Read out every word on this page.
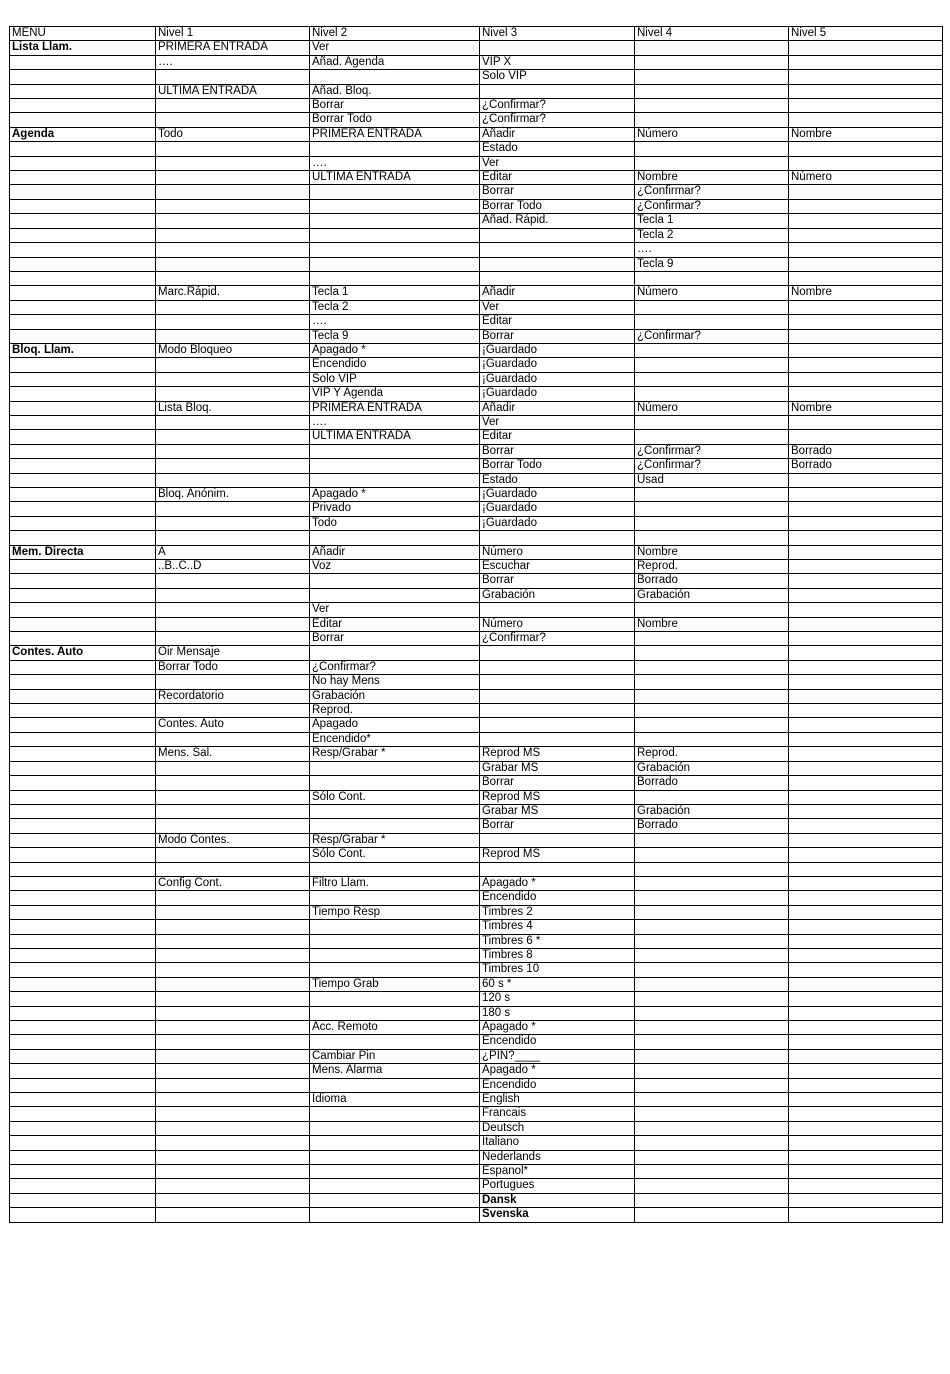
MENU	Nivel 1	Nivel 2	Nivel 3	Nivel 4	Nivel 5
Lista Llam.	PRIMERA ENTRADA	Ver			
	….	Añad. Agenda	VIP X		
			Solo VIP		
	ÚLTIMA ENTRADA	Añad. Bloq.			
		Borrar	¿Confirmar?		
		Borrar Todo	¿Confirmar?		
Agenda	Todo	PRIMERA ENTRADA	Añadir	Número	Nombre
			Estado		
		….	Ver		
		ÚLTIMA ENTRADA	Editar	Nombre	Número
			Borrar	¿Confirmar?	
			Borrar Todo	¿Confirmar?	
			Añad. Rápid.	Tecla 1	
				Tecla 2	
				….	
				Tecla 9	

	Marc.Rápid.	Tecla 1	Añadir	Número	Nombre
		Tecla 2	Ver		
		….	Editar		
		Tecla 9	Borrar	¿Confirmar?	
Bloq. Llam.	Modo Bloqueo	Apagado *	¡Guardado		
		Encendido	¡Guardado		
		Solo VIP	¡Guardado		
		VIP Y Agenda	¡Guardado		
	Lista Bloq.	PRIMERA ENTRADA	Añadir	Número	Nombre
		….	Ver		
		ÚLTIMA ENTRADA	Editar		
			Borrar	¿Confirmar?	Borrado
			Borrar Todo	¿Confirmar?	Borrado
			Estado	Usad	
	Bloq. Anónim.	Apagado *	¡Guardado		
		Privado	¡Guardado		
		Todo	¡Guardado		

Mem. Directa	A	Añadir	Número	Nombre	
	..B..C..D	Voz	Escuchar	Reprod.	
			Borrar	Borrado	
			Grabación	Grabación	
		Ver			
		Editar	Número	Nombre	
		Borrar	¿Confirmar?		
Contes. Auto	Oir Mensaje				
	Borrar Todo	¿Confirmar?			
		No hay Mens			
	Recordatorio	Grabación			
		Reprod.			
	Contes. Auto	Apagado			
		Encendido*			
	Mens. Sal.	Resp/Grabar *	Reprod MS	Reprod.	
			Grabar MS	Grabación	
			Borrar	Borrado	
		Sólo Cont.	Reprod MS		
			Grabar MS	Grabación	
			Borrar	Borrado	
	Modo Contes.	Resp/Grabar *			
		Sólo Cont.	Reprod MS		

	Config Cont.	Filtro Llam.	Apagado *		
			Encendido		
		Tiempo Resp	Timbres 2		
			Timbres 4		
			Timbres 6 *		
			Timbres 8		
			Timbres 10		
		Tiempo Grab	60 s *		
			120 s		
			180 s		
		Acc. Remoto	Apagado *		
			Encendido		
		Cambiar Pin	¿PIN?____		
		Mens. Alarma	Apagado *		
			Encendido		
		Idioma	English		
			Francais		
			Deutsch		
			Italiano		
			Nederlands		
			Espanol*		
			Portugues		
			Dansk		
			Svenska		
